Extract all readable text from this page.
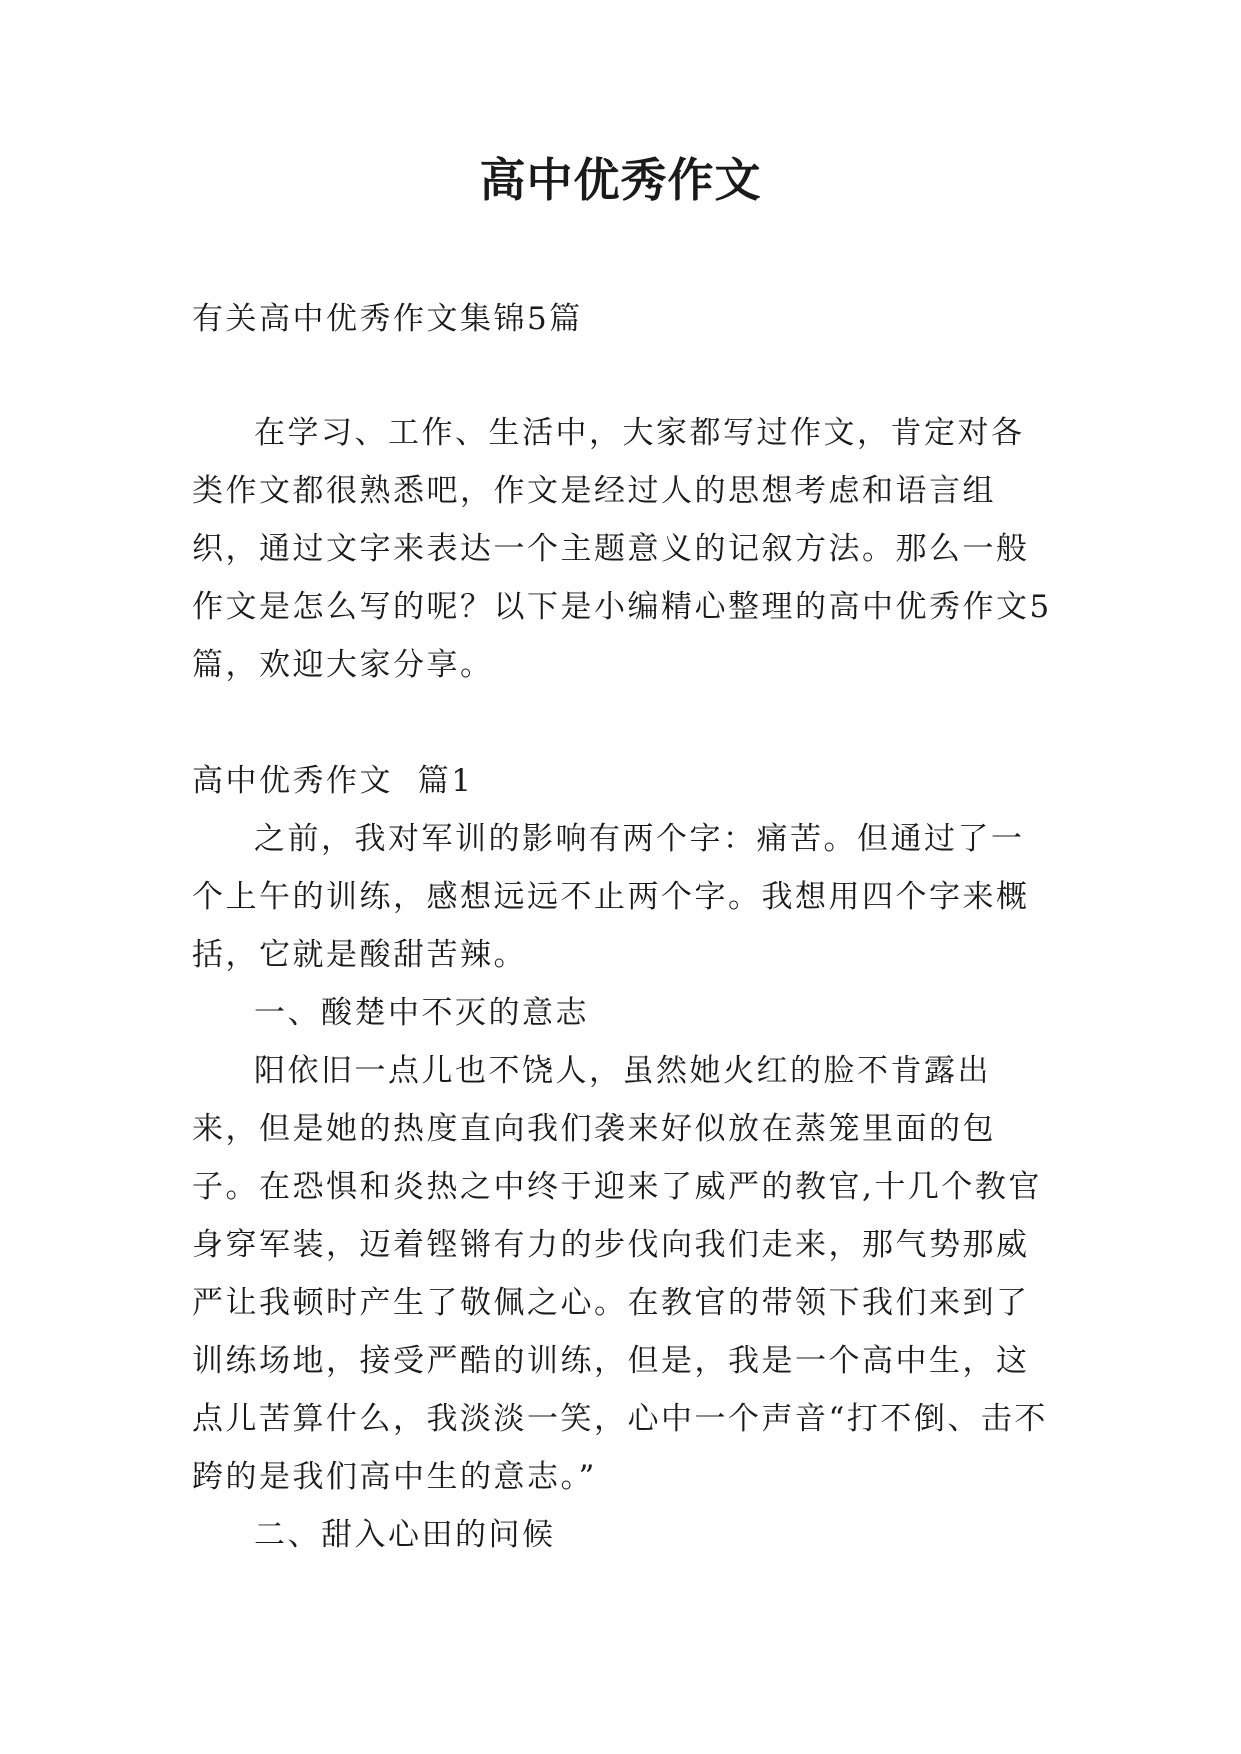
高中优秀作文
有关高中优秀作文集锦5篇

在学习、工作、生活中，大家都写过作文，肯定对各类作文都很熟悉吧，作文是经过人的思想考虑和语言组织，通过文字来表达一个主题意义的记叙方法。那么一般作文是怎么写的呢？以下是小编精心整理的高中优秀作文5篇，欢迎大家分享。

高中优秀作文  篇1

之前，我对军训的影响有两个字：痛苦。但通过了一个上午的训练，感想远远不止两个字。我想用四个字来概括，它就是酸甜苦辣。

一、酸楚中不灭的意志

阳依旧一点儿也不饶人，虽然她火红的脸不肯露出来，但是她的热度直向我们袭来好似放在蒸笼里面的包子。在恐惧和炎热之中终于迎来了威严的教官,十几个教官身穿军装，迈着铿锵有力的步伐向我们走来，那气势那威严让我顿时产生了敬佩之心。在教官的带领下我们来到了训练场地，接受严酷的训练，但是，我是一个高中生，这点儿苦算什么，我淡淡一笑，心中一个声音“打不倒、击不跨的是我们高中生的意志。”

二、甜入心田的问候
